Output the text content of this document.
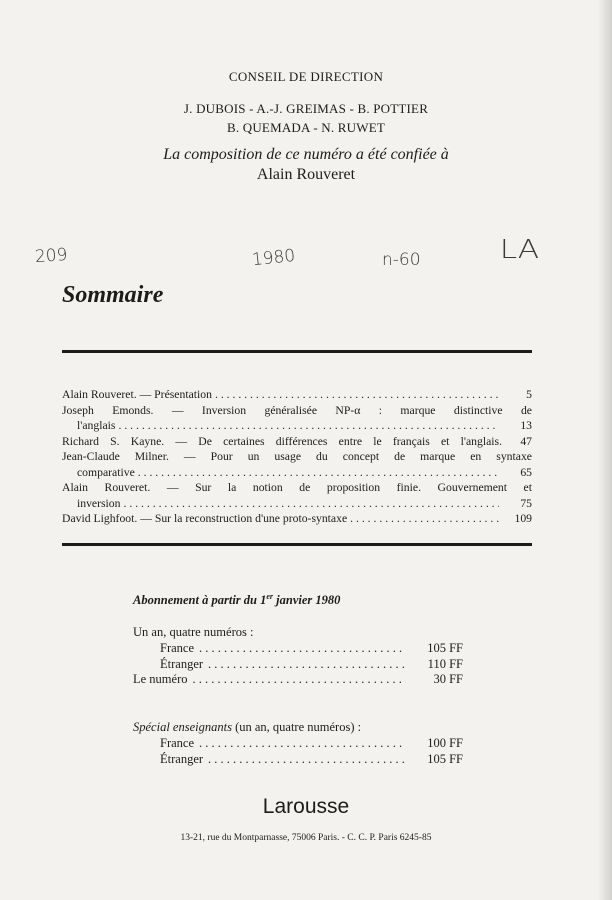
CONSEIL DE DIRECTION
J. DUBOIS - A.-J. GREIMAS - B. POTTIER
B. QUEMADA - N. RUWET
La composition de ce numéro a été confiée à
Alain Rouveret
209	1980	n-60	LA
Sommaire
Alain Rouveret. — Présentation . . .	5
Joseph Emonds. — Inversion généralisée NP-α : marque distinctive de
l'anglais . . .	13
Richard S. Kayne. — De certaines différences entre le français et l'anglais.	47
Jean-Claude Milner. — Pour un usage du concept de marque en syntaxe
comparative . . .	65
Alain Rouveret. — Sur la notion de proposition finie. Gouvernement et
inversion . . .	75
David Lighfoot. — Sur la reconstruction d'une proto-syntaxe . . .	109
Abonnement à partir du 1er janvier 1980
Un an, quatre numéros :
France . . .	105 FF
Étranger . . .	110 FF
Le numéro . . .	30 FF
Spécial enseignants (un an, quatre numéros) :
France . . .	100 FF
Étranger . . .	105 FF
Larousse
13-21, rue du Montparnasse, 75006 Paris. - C. C. P. Paris 6245-85
